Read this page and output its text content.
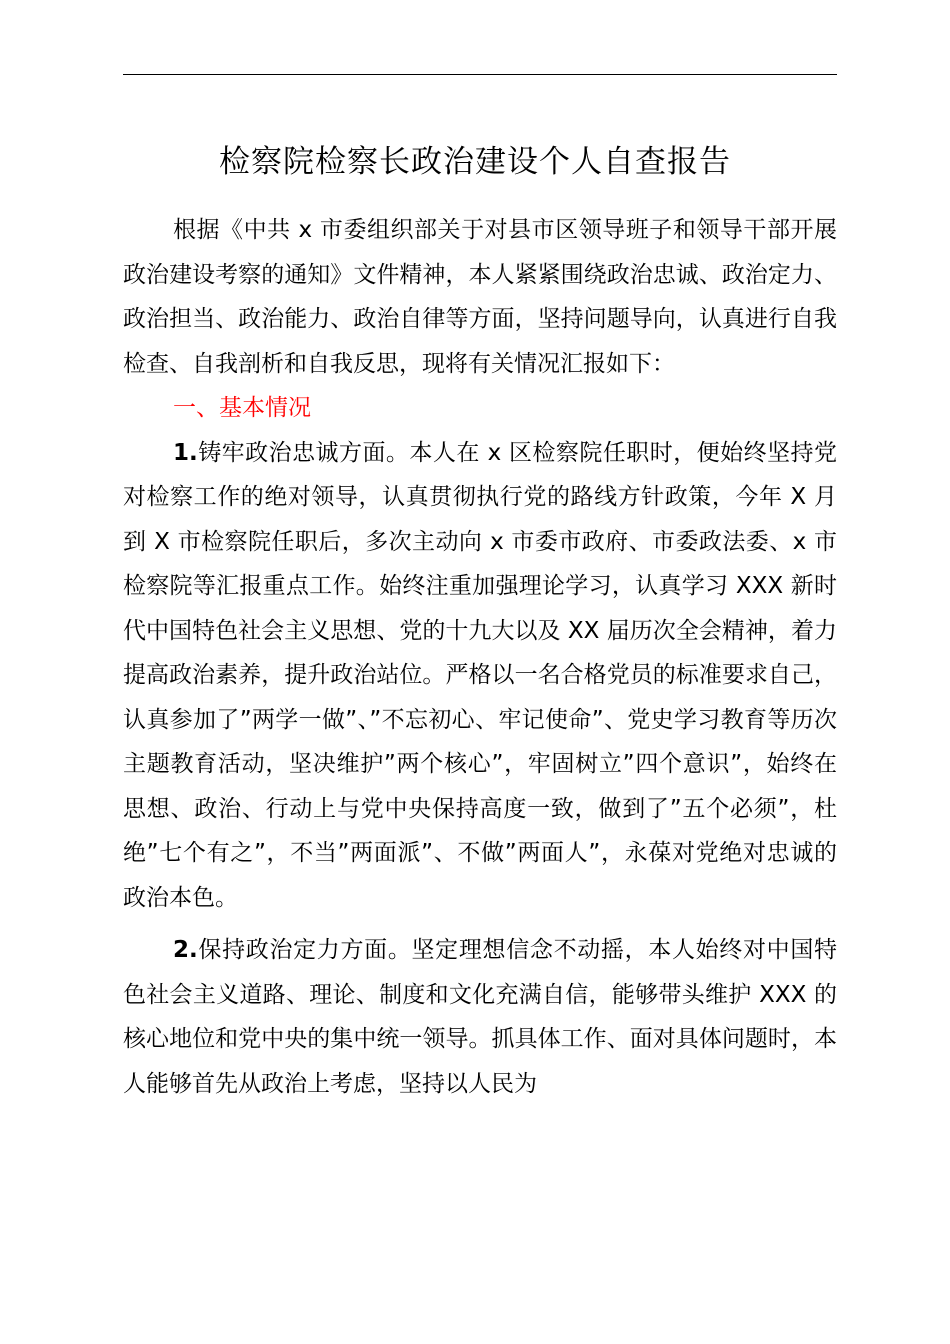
检察院检察长政治建设个人自查报告

根据《中共 x 市委组织部关于对县市区领导班子和领导干部开展政治建设考察的通知》文件精神，本人紧紧围绕政治忠诚、政治定力、政治担当、政治能力、政治自律等方面，坚持问题导向，认真进行自我检查、自我剖析和自我反思，现将有关情况汇报如下：

一、基本情况

1.铸牢政治忠诚方面。本人在 x 区检察院任职时，便始终坚持党对检察工作的绝对领导，认真贯彻执行党的路线方针政策，今年 X 月到 X 市检察院任职后，多次主动向 x 市委市政府、市委政法委、x 市检察院等汇报重点工作。始终注重加强理论学习，认真学习 XXX 新时代中国特色社会主义思想、党的十九大以及 XX 届历次全会精神，着力提高政治素养，提升政治站位。严格以一名合格党员的标准要求自己，认真参加了”两学一做”、”不忘初心、牢记使命”、党史学习教育等历次主题教育活动，坚决维护”两个核心”，牢固树立”四个意识”，始终在思想、政治、行动上与党中央保持高度一致，做到了”五个必须”，杜绝”七个有之”，不当”两面派”、不做”两面人”，永葆对党绝对忠诚的政治本色。

2.保持政治定力方面。坚定理想信念不动摇，本人始终对中国特色社会主义道路、理论、制度和文化充满自信，能够带头维护 XXX 的核心地位和党中央的集中统一领导。抓具体工作、面对具体问题时，本人能够首先从政治上考虑，坚持以人民为
